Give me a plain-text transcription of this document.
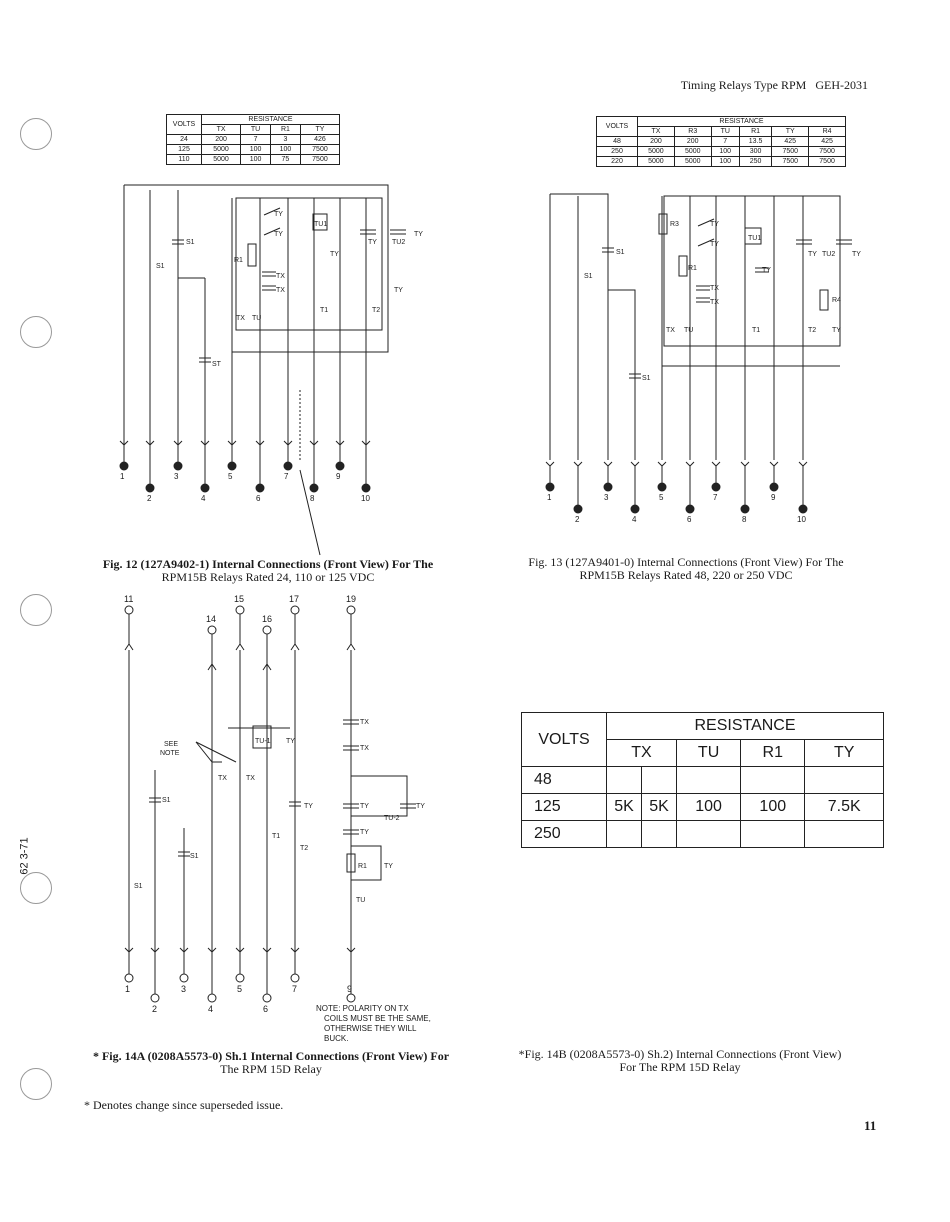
Timing Relays Type RPM GEH-2031
62 3-71
VOLTS	RESISTANCE			
	TX	TU	R1	TY
24	200	7	3	426
125	5000	100	100	7500
110	5000	100	75	7500
VOLTS	RESISTANCE					
	TX	R3	TU	R1	TY	R4
48	200	200	7	13.5	425	425
250	5000	5000	100	300	7500	7500
220	5000	5000	100	250	7500	7500
VOLTS	RESISTANCE				
	TX		TU	R1	TY
48					
125	5K	5K	100	100	7.5K
250					
TY
TY
TU1
TU2
TY
TY
S1
S1
R1
TX
TX
TX TU
T1	T2
TY
TY
ST
R3	TY
TY
TU1
TU2
TY	TY
S1
S1
R1
TX
TX
TY
R4
TX TU	T1	T2 TY
S1
SEE
NOTE
TU-1 TY
TX	TX
TY
TX
TX
S1
S1
S1
T1
T2
TY
TU-2
TY
TY
R1 TY
TU
1
2
3
4
5
6
7
8
9
10	1
2
3
4
5
6
7
8
9
10
11
14
15
16
17	19
1
2
3
4
5
6
7	9
NOTE: POLARITY ON TX
COILS MUST BE THE SAME,
OTHERWISE THEY WILL
BUCK.
Fig. 12 (127A9402-1) Internal Connections (Front View) For The
RPM15B Relays Rated 24, 110 or 125 VDC
Fig. 13 (127A9401-0) Internal Connections (Front View) For The
RPM15B Relays Rated 48, 220 or 250 VDC
* Fig. 14A (0208A5573-0) Sh.1 Internal Connections (Front View) For
The RPM 15D Relay
*Fig. 14B (0208A5573-0) Sh.2) Internal Connections (Front View)
For The RPM 15D Relay
* Denotes change since superseded issue.
11
